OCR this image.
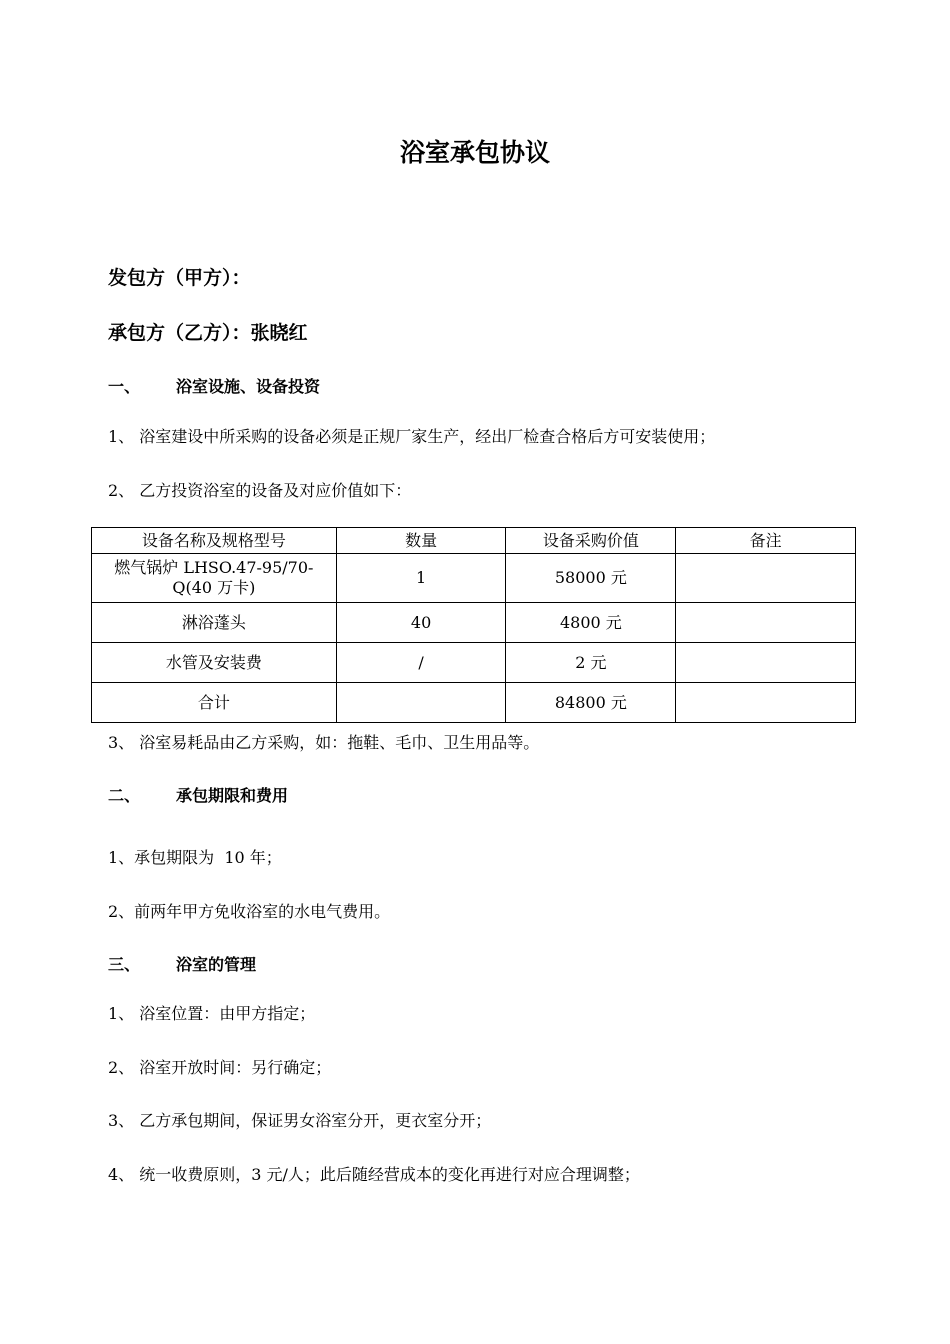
浴室承包协议
发包方（甲方）：
承包方（乙方）：张晓红
一、 浴室设施、设备投资
1、 浴室建设中所采购的设备必须是正规厂家生产，经出厂检查合格后方可安装使用；
2、 乙方投资浴室的设备及对应价值如下：
设备名称及规格型号	数量	设备采购价值	备注
燃气锅炉 LHSO.47-95/70-Q(40 万卡)	1	58000 元	
淋浴蓬头	40	4800 元	
水管及安装费	/	2 元	
合计		84800 元	
3、 浴室易耗品由乙方采购，如：拖鞋、毛巾、卫生用品等。
二、 承包期限和费用
1、承包期限为  10 年；
2、前两年甲方免收浴室的水电气费用。
三、 浴室的管理
1、 浴室位置：由甲方指定；
2、 浴室开放时间：另行确定；
3、 乙方承包期间，保证男女浴室分开，更衣室分开；
4、 统一收费原则，3 元/人；此后随经营成本的变化再进行对应合理调整；
